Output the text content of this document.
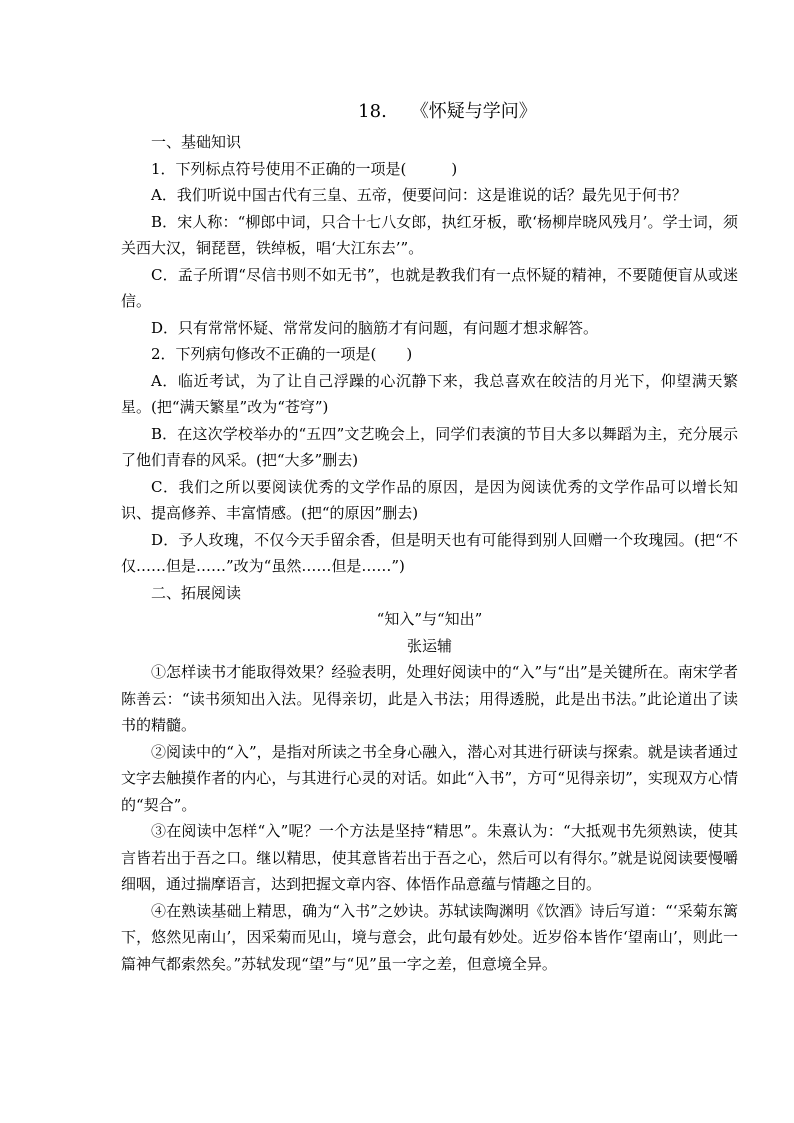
18. 《怀疑与学问》

一、基础知识

1．下列标点符号使用不正确的一项是(　　　)

A．我们听说中国古代有三皇、五帝，便要问问：这是谁说的话？最先见于何书？

B．宋人称：“柳郎中词，只合十七八女郎，执红牙板，歌‘杨柳岸晓风残月’。学士词，须关西大汉，铜琵琶，铁绰板，唱‘大江东去’”。

C．孟子所谓“尽信书则不如无书”，也就是教我们有一点怀疑的精神，不要随便盲从或迷信。

D．只有常常怀疑、常常发问的脑筋才有问题，有问题才想求解答。

2．下列病句修改不正确的一项是(　　)

A．临近考试，为了让自己浮躁的心沉静下来，我总喜欢在皎洁的月光下，仰望满天繁星。(把“满天繁星”改为“苍穹”)

B．在这次学校举办的“五四”文艺晚会上，同学们表演的节目大多以舞蹈为主，充分展示了他们青春的风采。(把“大多”删去)

C．我们之所以要阅读优秀的文学作品的原因，是因为阅读优秀的文学作品可以增长知识、提高修养、丰富情感。(把“的原因”删去)

D．予人玫瑰，不仅今天手留余香，但是明天也有可能得到别人回赠一个玫瑰园。(把“不仅……但是……”改为“虽然……但是……”)

二、拓展阅读

“知入”与“知出”

张运辅

①怎样读书才能取得效果？经验表明，处理好阅读中的“入”与“出”是关键所在。南宋学者陈善云：“读书须知出入法。见得亲切，此是入书法；用得透脱，此是出书法。”此论道出了读书的精髓。

②阅读中的“入”，是指对所读之书全身心融入，潜心对其进行研读与探索。就是读者通过文字去触摸作者的内心，与其进行心灵的对话。如此“入书”，方可“见得亲切”，实现双方心情的“契合”。

③在阅读中怎样“入”呢？一个方法是坚持“精思”。朱熹认为：“大抵观书先须熟读，使其言皆若出于吾之口。继以精思，使其意皆若出于吾之心，然后可以有得尔。”就是说阅读要慢嚼细咽，通过揣摩语言，达到把握文章内容、体悟作品意蕴与情趣之目的。

④在熟读基础上精思，确为“入书”之妙诀。苏轼读陶渊明《饮酒》诗后写道：“‘采菊东篱下，悠然见南山’，因采菊而见山，境与意会，此句最有妙处。近岁俗本皆作‘望南山’，则此一篇神气都索然矣。”苏轼发现“望”与“见”虽一字之差，但意境全异。
